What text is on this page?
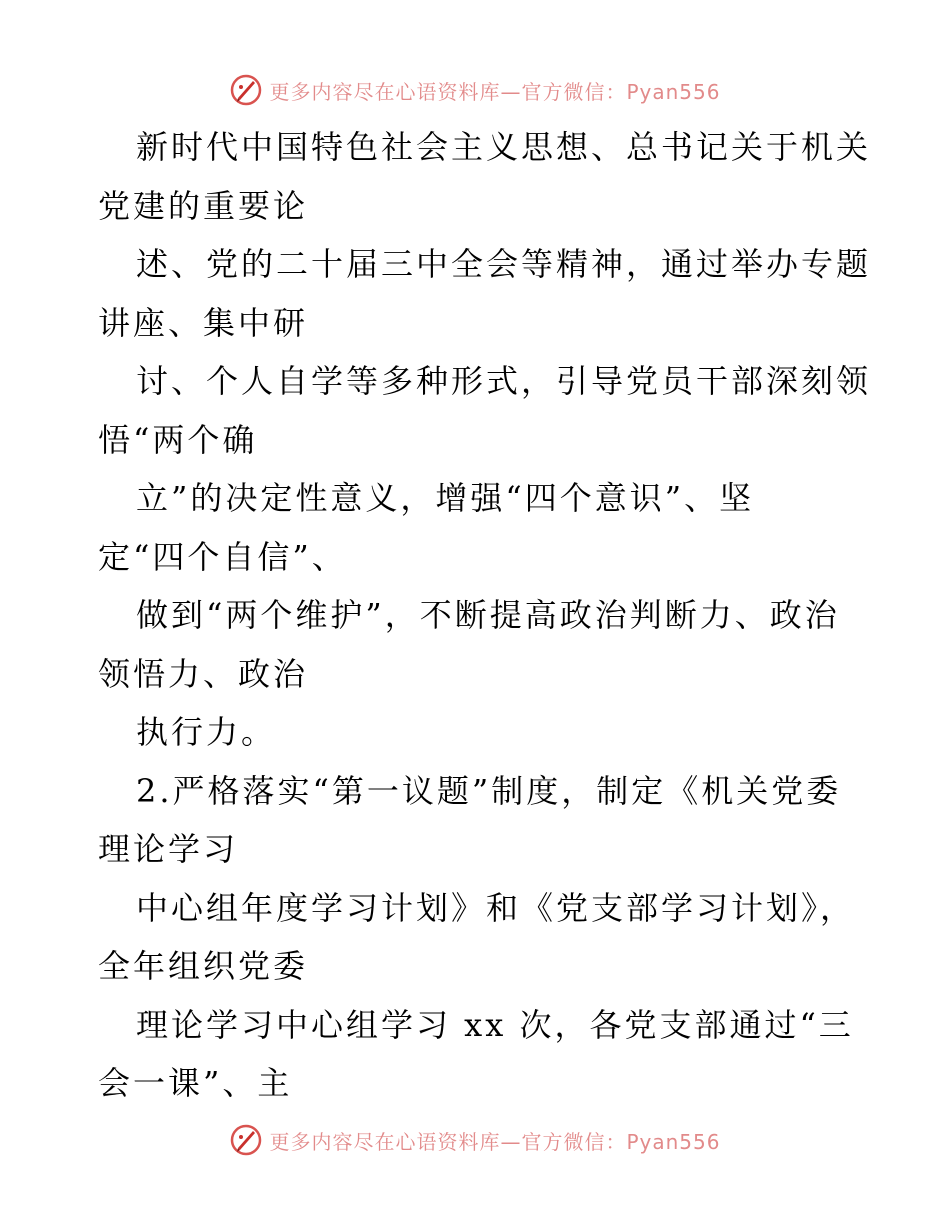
更多内容尽在心语资料库—官方微信：Pyan556
新时代中国特色社会主义思想、总书记关于机关
党建的重要论
述、党的二十届三中全会等精神，通过举办专题
讲座、集中研
讨、个人自学等多种形式，引导党员干部深刻领
悟“两个确
立”的决定性意义，增强“四个意识”、坚
定“四个自信”、
做到“两个维护”，不断提高政治判断力、政治
领悟力、政治
执行力。
2.严格落实“第一议题”制度，制定《机关党委
理论学习
中心组年度学习计划》和《党支部学习计划》，
全年组织党委
理论学习中心组学习 xx 次，各党支部通过“三
会一课”、主
更多内容尽在心语资料库—官方微信：Pyan556
